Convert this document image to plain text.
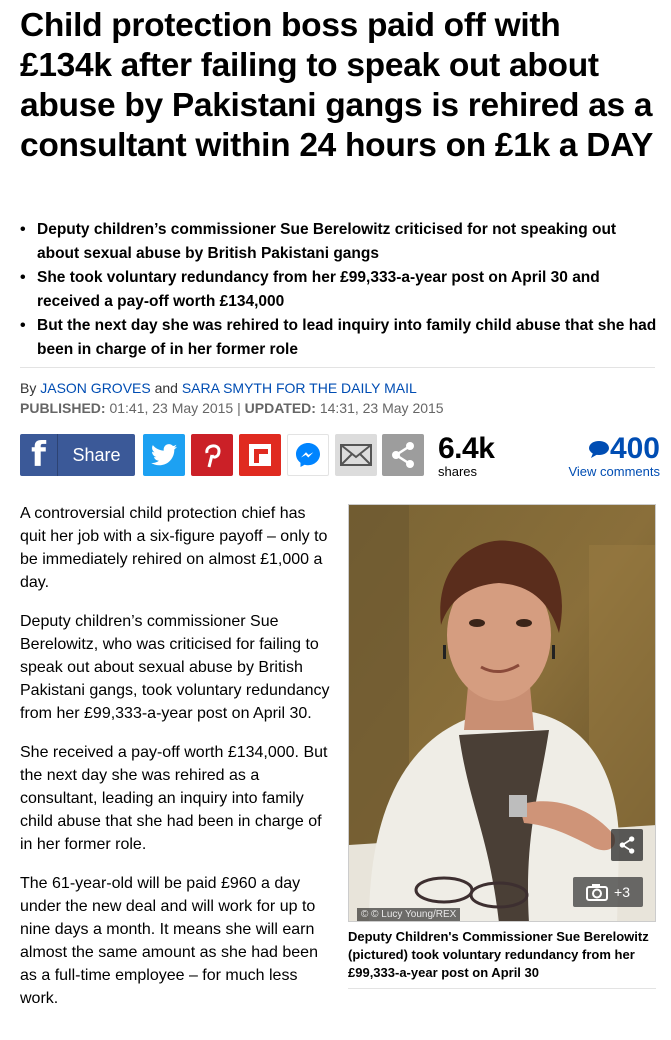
Child protection boss paid off with £134k after failing to speak out about abuse by Pakistani gangs is rehired as a consultant within 24 hours on £1k a DAY
• Deputy children’s commissioner Sue Berelowitz criticised for not speaking out about sexual abuse by British Pakistani gangs
• She took voluntary redundancy from her £99,333-a-year post on April 30 and received a pay-off worth £134,000
• But the next day she was rehired to lead inquiry into family child abuse that she had been in charge of in her former role
By JASON GROVES and SARA SMYTH FOR THE DAILY MAIL
PUBLISHED: 01:41, 23 May 2015 | UPDATED: 14:31, 23 May 2015
f	Share	6.4k
shares
400
View comments

A controversial child protection chief has quit her job with a six-figure payoff – only to be immediately rehired on almost £1,000 a day.

Deputy children’s commissioner Sue Berelowitz, who was criticised for failing to speak out about sexual abuse by British Pakistani gangs, took voluntary redundancy from her £99,333-a-year post on April 30.

She received a pay-off worth £134,000. But the next day she was rehired as a consultant, leading an inquiry into family child abuse that she had been in charge of in her former role.

The 61-year-old will be paid £960 a day under the new deal and will work for up to nine days a month. It means she will earn almost the same amount as she had been as a full-time employee – for much less work.

+3
© © Lucy Young/REX
Deputy Children's Commissioner Sue Berelowitz (pictured) took voluntary redundancy from her £99,333-a-year post on April 30
